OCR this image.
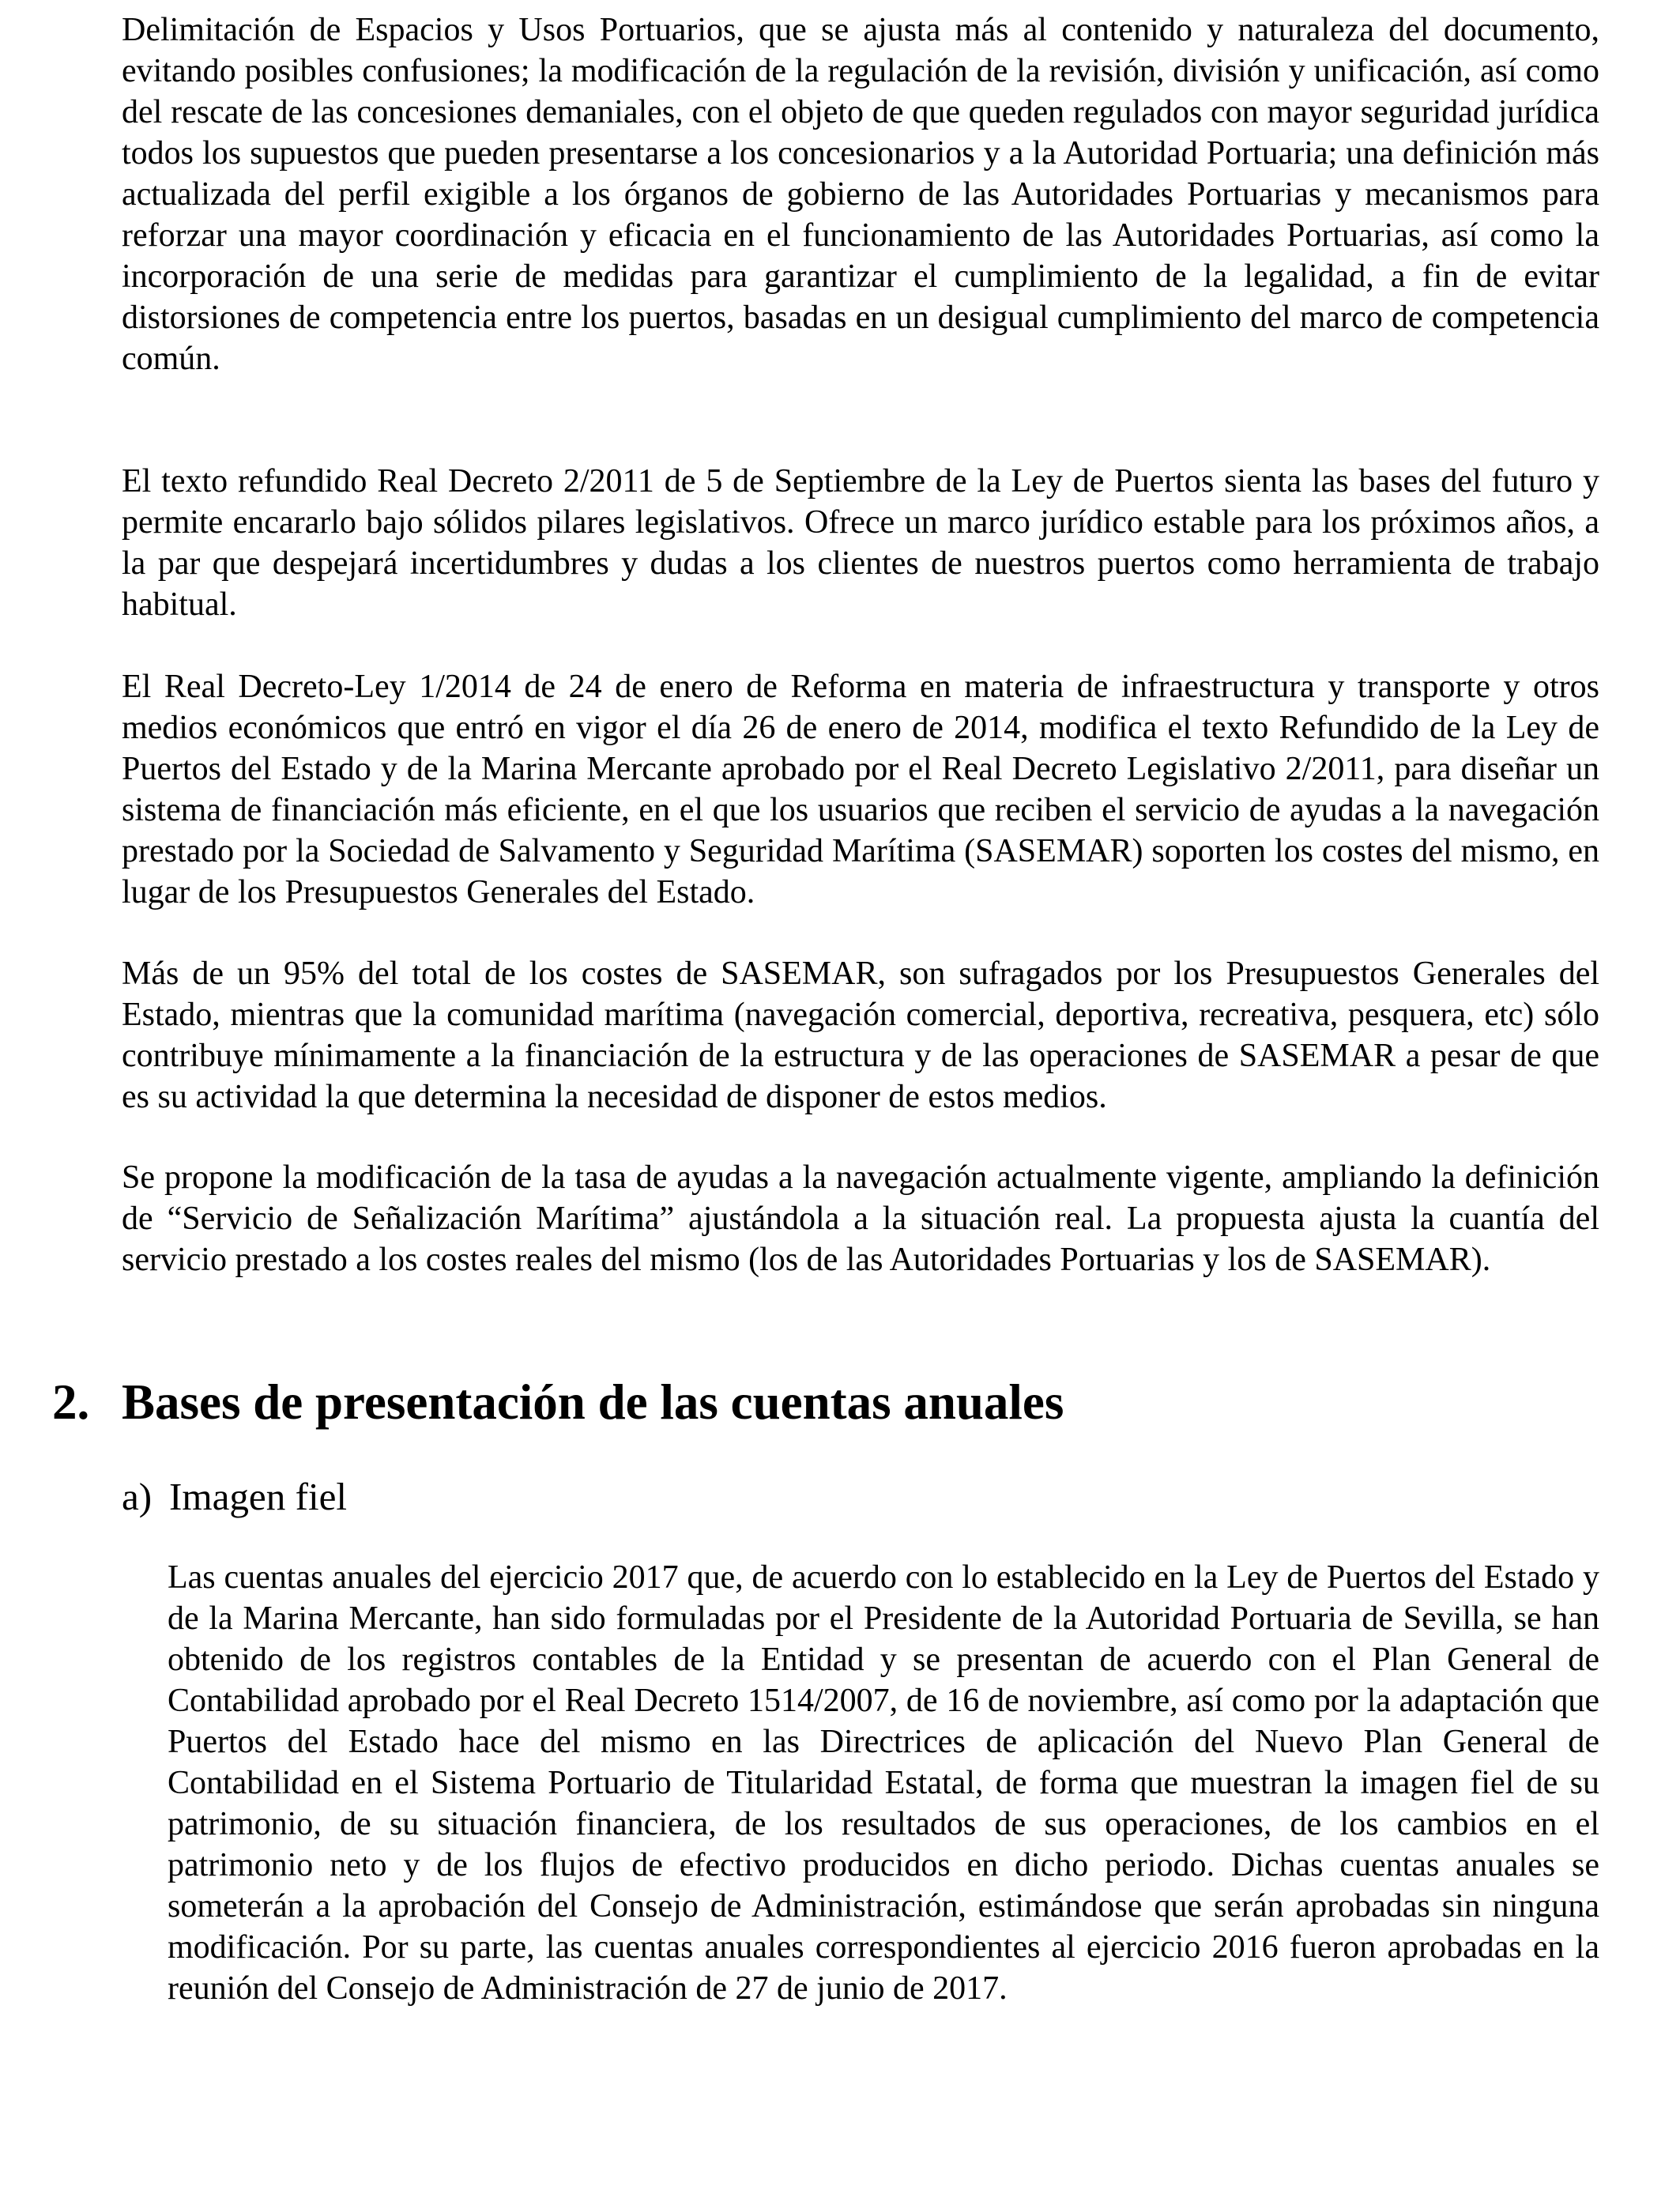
Delimitación de Espacios y Usos Portuarios, que se ajusta más al contenido y naturaleza del documento, evitando posibles confusiones; la modificación de la regulación de la revisión, división y unificación, así como del rescate de las concesiones demaniales, con el objeto de que queden regulados con mayor seguridad jurídica todos los supuestos que pueden presentarse a los concesionarios y a la Autoridad Portuaria; una definición más actualizada del perfil exigible a los órganos de gobierno de las Autoridades Portuarias y mecanismos para reforzar una mayor coordinación y eficacia en el funcionamiento de las Autoridades Portuarias, así como la incorporación de una serie de medidas para garantizar el cumplimiento de la legalidad, a fin de evitar distorsiones de competencia entre los puertos, basadas en un desigual cumplimiento del marco de competencia común.

El texto refundido Real Decreto 2/2011 de 5 de Septiembre de la Ley de Puertos sienta las bases del futuro y permite encararlo bajo sólidos pilares legislativos. Ofrece un marco jurídico estable para los próximos años, a la par que despejará incertidumbres y dudas a los clientes de nuestros puertos como herramienta de trabajo habitual.

El Real Decreto-Ley 1/2014 de 24 de enero de Reforma en materia de infraestructura y transporte y otros medios económicos que entró en vigor el día 26 de enero de 2014, modifica el texto Refundido de la Ley de Puertos del Estado y de la Marina Mercante aprobado por el Real Decreto Legislativo 2/2011, para diseñar un sistema de financiación más eficiente, en el que los usuarios que reciben el servicio de ayudas a la navegación prestado por la Sociedad de Salvamento y Seguridad Marítima (SASEMAR) soporten los costes del mismo, en lugar de los Presupuestos Generales del Estado.

Más de un 95% del total de los costes de SASEMAR, son sufragados por los Presupuestos Generales del Estado, mientras que la comunidad marítima (navegación comercial, deportiva, recreativa, pesquera, etc) sólo contribuye mínimamente a la financiación de la estructura y de las operaciones de SASEMAR a pesar de que es su actividad la que determina la necesidad de disponer de estos medios.

Se propone la modificación de la tasa de ayudas a la navegación actualmente vigente, ampliando la definición de “Servicio de Señalización Marítima” ajustándola a la situación real. La propuesta ajusta la cuantía del servicio prestado a los costes reales del mismo (los de las Autoridades Portuarias y los de SASEMAR).

2. Bases de presentación de las cuentas anuales
a) Imagen fiel

Las cuentas anuales del ejercicio 2017 que, de acuerdo con lo establecido en la Ley de Puertos del Estado y de la Marina Mercante, han sido formuladas por el Presidente de la Autoridad Portuaria de Sevilla, se han obtenido de los registros contables de la Entidad y se presentan de acuerdo con el Plan General de Contabilidad aprobado por el Real Decreto 1514/2007, de 16 de noviembre, así como por la adaptación que Puertos del Estado hace del mismo en las Directrices de aplicación del Nuevo Plan General de Contabilidad en el Sistema Portuario de Titularidad Estatal, de forma que muestran la imagen fiel de su patrimonio, de su situación financiera, de los resultados de sus operaciones, de los cambios en el patrimonio neto y de los flujos de efectivo producidos en dicho periodo. Dichas cuentas anuales se someterán a la aprobación del Consejo de Administración, estimándose que serán aprobadas sin ninguna modificación. Por su parte, las cuentas anuales correspondientes al ejercicio 2016 fueron aprobadas en la reunión del Consejo de Administración de 27 de junio de 2017.
